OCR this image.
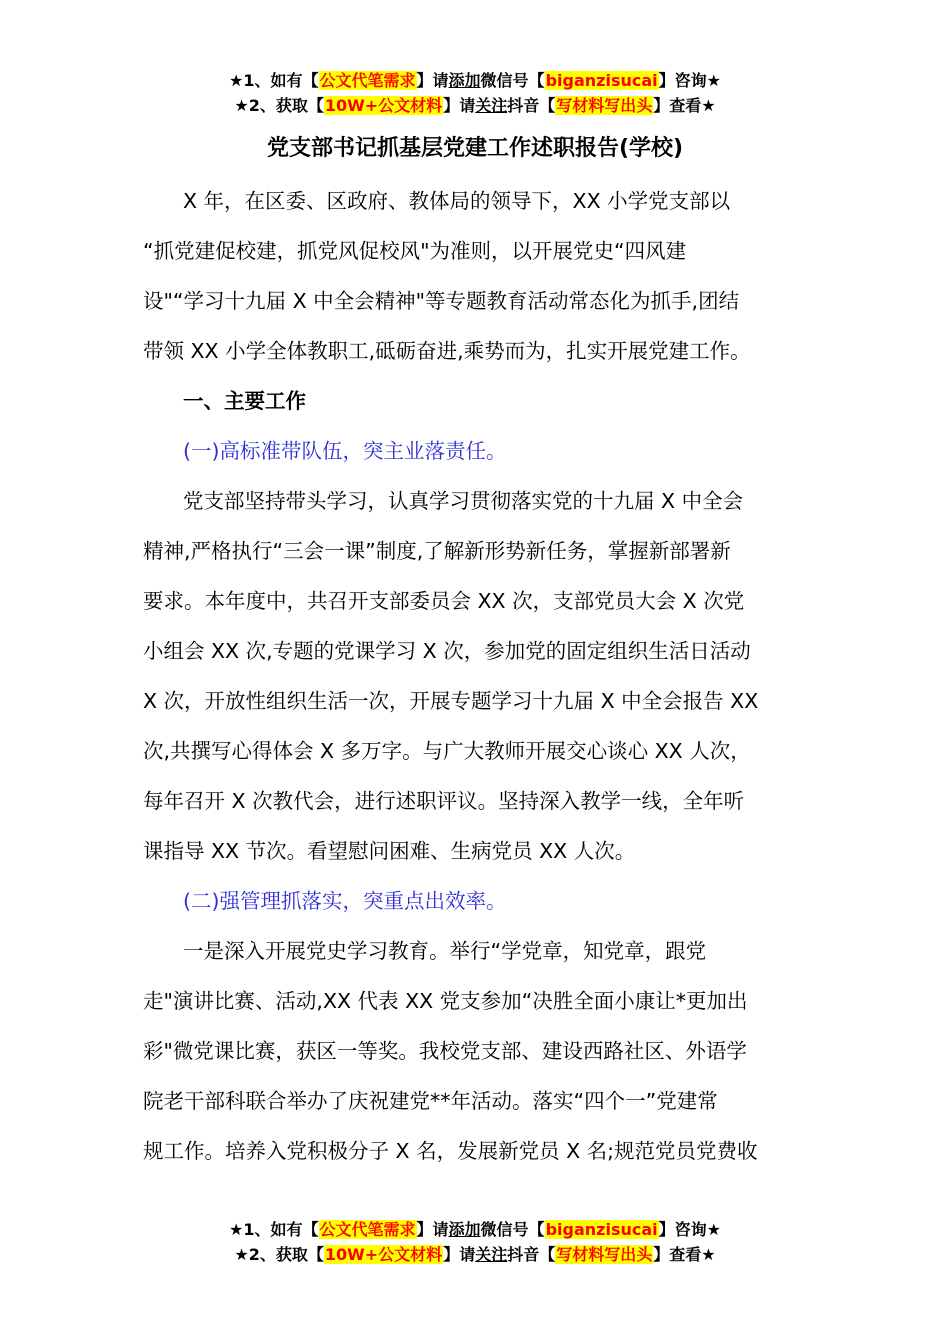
★1、如有【公文代笔需求】请添加微信号【biganzisucai】咨询★
★2、获取【10W+公文材料】请关注抖音【写材料写出头】查看★
党支部书记抓基层党建工作述职报告(学校)
X 年，在区委、区政府、教体局的领导下，XX 小学党支部以
“抓党建促校建，抓党风促校风"为准则，以开展党史“四风建
设"“学习十九届 X 中全会精神"等专题教育活动常态化为抓手,团结
带领 XX 小学全体教职工,砥砺奋进,乘势而为，扎实开展党建工作。
一、主要工作
(一)高标准带队伍，突主业落责任。
党支部坚持带头学习，认真学习贯彻落实党的十九届 X 中全会
精神,严格执行“三会一课”制度,了解新形势新任务，掌握新部署新
要求。本年度中，共召开支部委员会 XX 次，支部党员大会 X 次党
小组会 XX 次,专题的党课学习 X 次，参加党的固定组织生活日活动
X 次，开放性组织生活一次，开展专题学习十九届 X 中全会报告 XX
次,共撰写心得体会 X 多万字。与广大教师开展交心谈心 XX 人次，
每年召开 X 次教代会，进行述职评议。坚持深入教学一线，全年听
课指导 XX 节次。看望慰问困难、生病党员 XX 人次。
(二)强管理抓落实，突重点出效率。
一是深入开展党史学习教育。举行“学党章，知党章，跟党
走"演讲比赛、活动,XX 代表 XX 党支参加“决胜全面小康让*更加出
彩"微党课比赛，获区一等奖。我校党支部、建设西路社区、外语学
院老干部科联合举办了庆祝建党**年活动。落实“四个一”党建常
规工作。培养入党积极分子 X 名，发展新党员 X 名;规范党员党费收
★1、如有【公文代笔需求】请添加微信号【biganzisucai】咨询★
★2、获取【10W+公文材料】请关注抖音【写材料写出头】查看★
